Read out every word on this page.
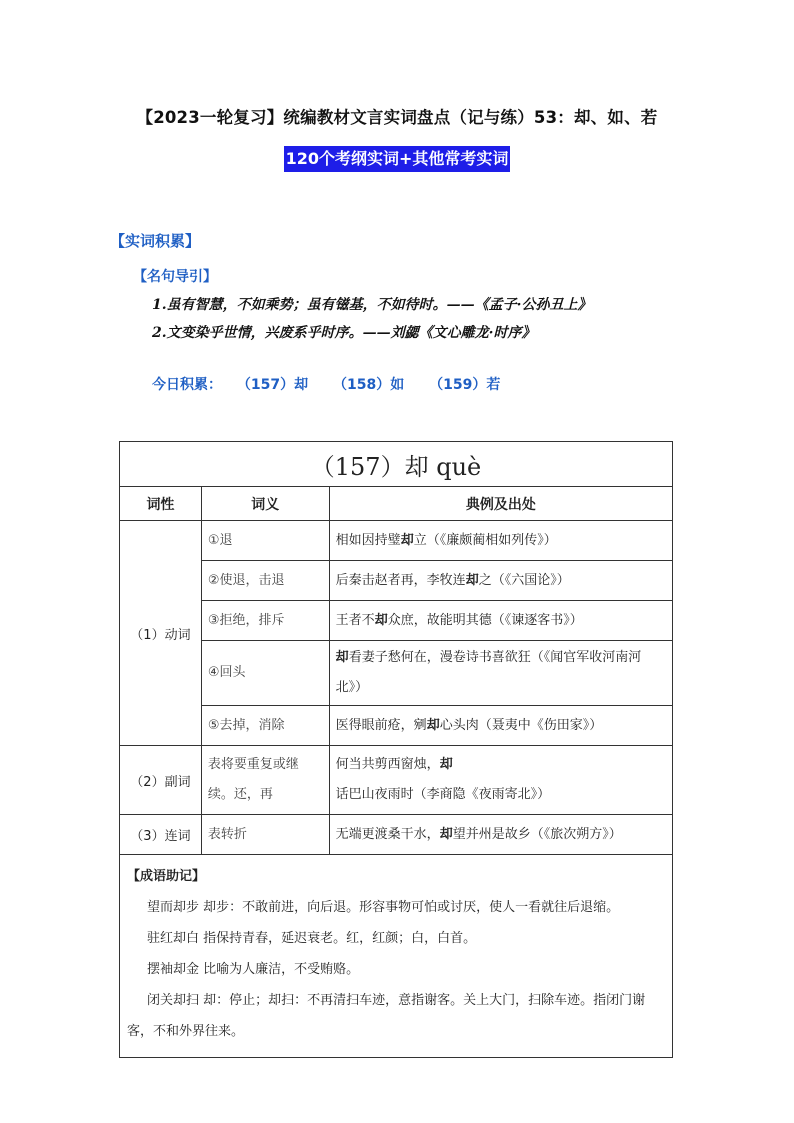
【2023一轮复习】统编教材文言实词盘点（记与练）53：却、如、若
120个考纲实词+其他常考实词
【实词积累】
【名句导引】
1.虽有智慧，不如乘势；虽有镃基，不如待时。——《孟子·公孙丑上》
2.文变染乎世情，兴废系乎时序。——刘勰《文心雕龙·时序》
今日积累： （157）却 （158）如 （159）若
（157）却 què		
词性	词义	典例及出处
（1）动词	①退	相如因持璧却立（《廉颇蔺相如列传》）
	②使退，击退	后秦击赵者再，李牧连却之（《六国论》）
	③拒绝，排斥	王者不却众庶，故能明其德（《谏逐客书》）
	④回头	却看妻子愁何在，漫卷诗书喜欲狂（《闻官军收河南河北》）
	⑤去掉，消除	医得眼前疮，剜却心头肉（聂夷中《伤田家》）
（2）副词	表将要重复或继续。还，再	何当共剪西窗烛，却话巴山夜雨时（李商隐《夜雨寄北》）
（3）连词	表转折	无端更渡桑干水，却望并州是故乡（《旅次朔方》）

【成语助记】
望而却步 却步：不敢前进，向后退。形容事物可怕或讨厌，使人一看就往后退缩。
驻红却白 指保持青春，延迟衰老。红，红颜；白，白首。
摆袖却金 比喻为人廉洁，不受贿赂。
闭关却扫 却：停止；却扫：不再清扫车迹，意指谢客。关上大门，扫除车迹。指闭门谢客，不和外界往来。		
